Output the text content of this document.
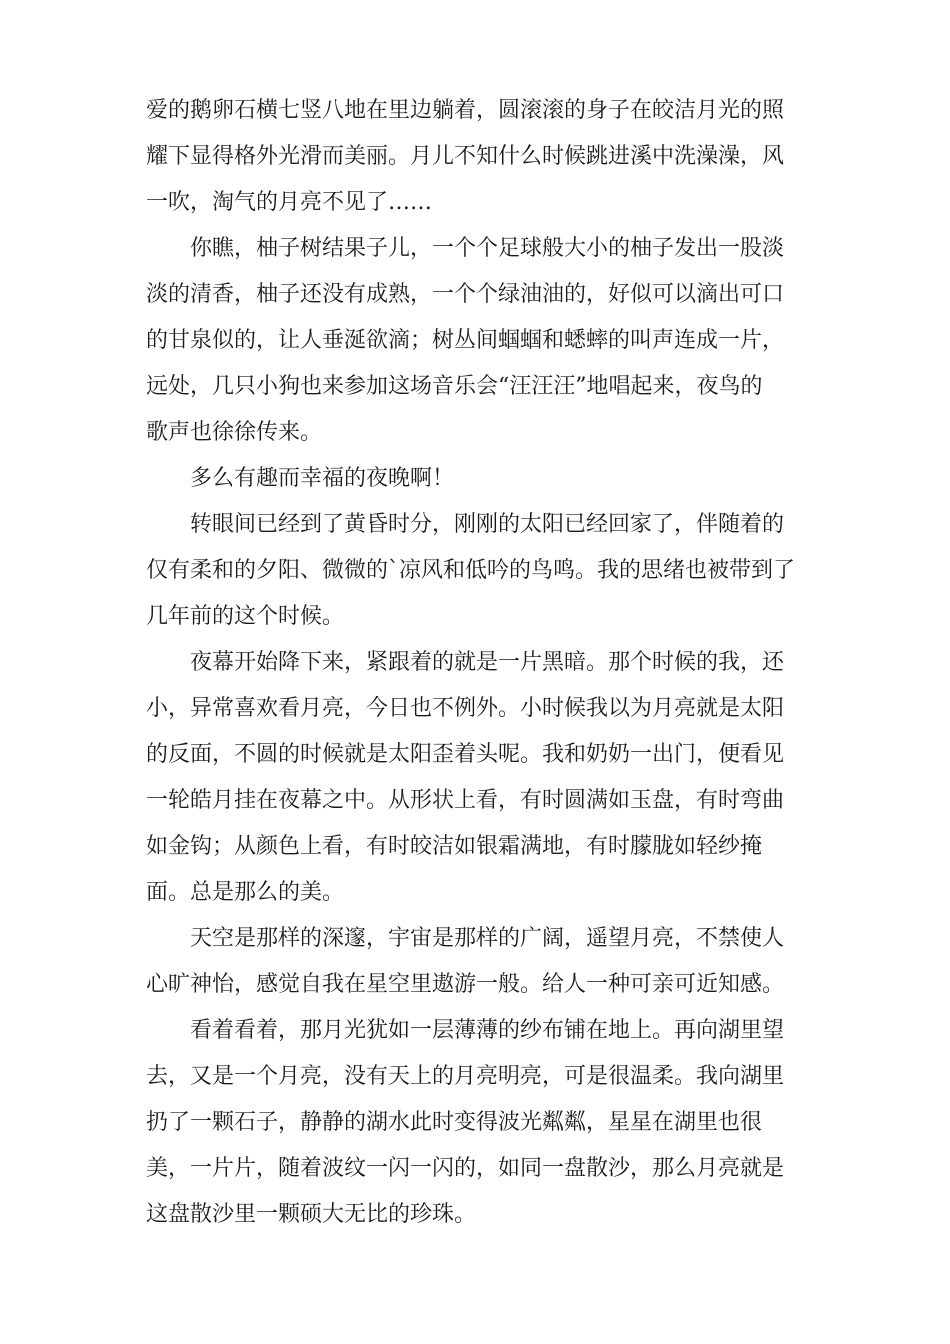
爱的鹅卵石横七竖八地在里边躺着，圆滚滚的身子在皎洁月光的照
耀下显得格外光滑而美丽。月儿不知什么时候跳进溪中洗澡澡，风
一吹，淘气的月亮不见了……
你瞧，柚子树结果子儿，一个个足球般大小的柚子发出一股淡
淡的清香，柚子还没有成熟，一个个绿油油的，好似可以滴出可口
的甘泉似的，让人垂涎欲滴；树丛间蝈蝈和蟋蟀的叫声连成一片，
远处，几只小狗也来参加这场音乐会“汪汪汪”地唱起来，夜鸟的
歌声也徐徐传来。
多么有趣而幸福的夜晚啊！
转眼间已经到了黄昏时分，刚刚的太阳已经回家了，伴随着的
仅有柔和的夕阳、微微的`凉风和低吟的鸟鸣。我的思绪也被带到了
几年前的这个时候。
夜幕开始降下来，紧跟着的就是一片黑暗。那个时候的我，还
小，异常喜欢看月亮，今日也不例外。小时候我以为月亮就是太阳
的反面，不圆的时候就是太阳歪着头呢。我和奶奶一出门，便看见
一轮皓月挂在夜幕之中。从形状上看，有时圆满如玉盘，有时弯曲
如金钩；从颜色上看，有时皎洁如银霜满地，有时朦胧如轻纱掩
面。总是那么的美。
天空是那样的深邃，宇宙是那样的广阔，遥望月亮，不禁使人
心旷神怡，感觉自我在星空里遨游一般。给人一种可亲可近知感。
看着看着，那月光犹如一层薄薄的纱布铺在地上。再向湖里望
去，又是一个月亮，没有天上的月亮明亮，可是很温柔。我向湖里
扔了一颗石子，静静的湖水此时变得波光粼粼，星星在湖里也很
美，一片片，随着波纹一闪一闪的，如同一盘散沙，那么月亮就是
这盘散沙里一颗硕大无比的珍珠。
